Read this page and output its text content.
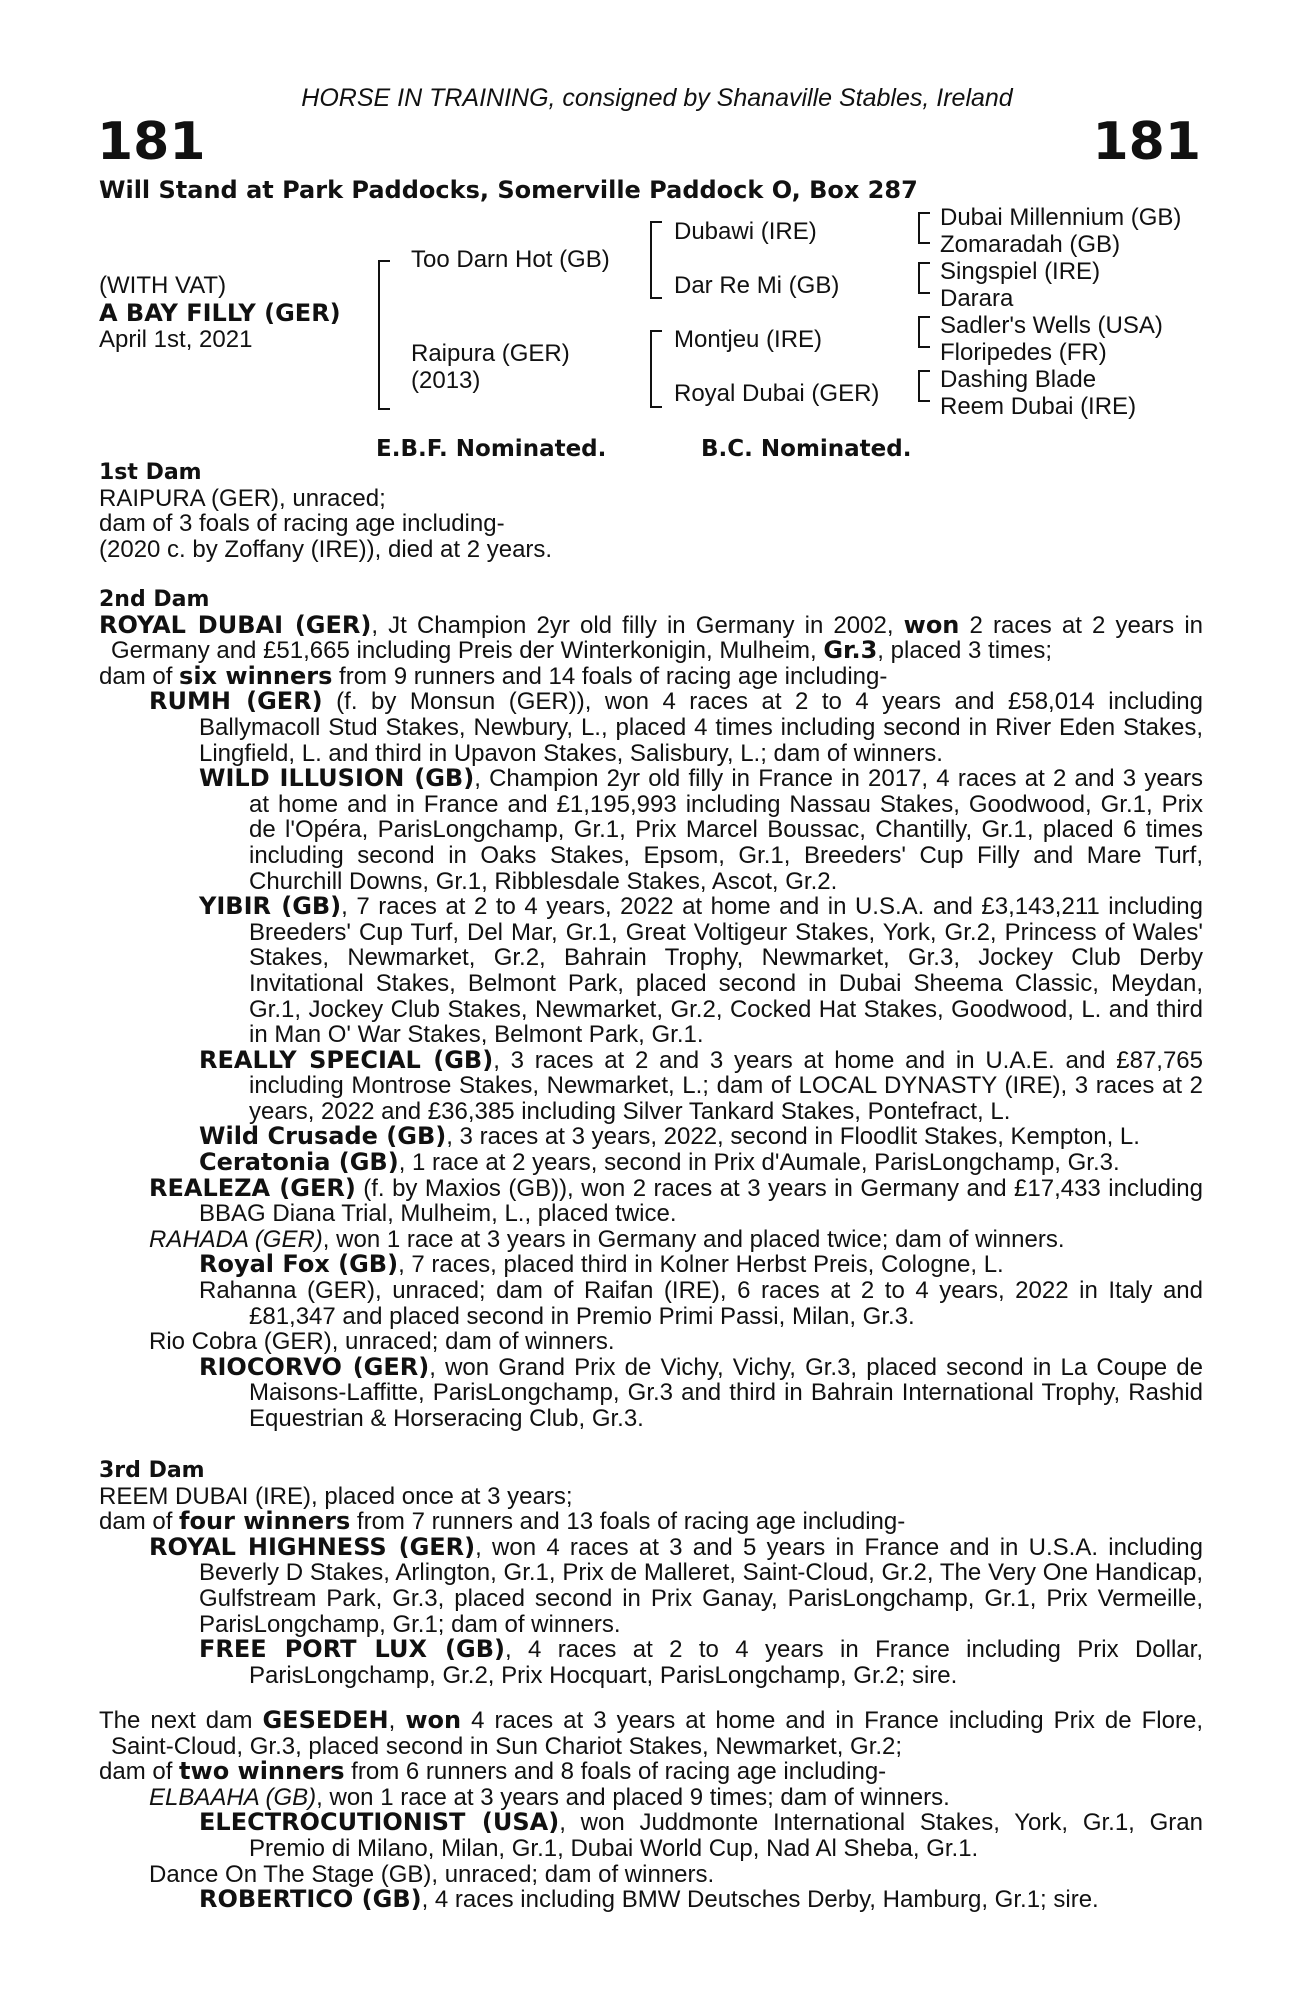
HORSE IN TRAINING, consigned by Shanaville Stables, Ireland
181	181
Will Stand at Park Paddocks, Somerville Paddock O, Box 287
(WITH VAT)
A BAY FILLY (GER)
April 1st, 2021
Too Darn Hot (GB)
Raipura (GER)
(2013)
Dubawi (IRE)
Dar Re Mi (GB)
Montjeu (IRE)
Royal Dubai (GER)
Dubai Millennium (GB)
Zomaradah (GB)
Singspiel (IRE)
Darara
Sadler's Wells (USA)
Floripedes (FR)
Dashing Blade
Reem Dubai (IRE)
E.B.F. Nominated.	B.C. Nominated.

1st Dam

RAIPURA (GER), unraced;

dam of 3 foals of racing age including-

(2020 c. by Zoffany (IRE)), died at 2 years.

2nd Dam

ROYAL DUBAI (GER), Jt Champion 2yr old filly in Germany in 2002, won 2 races at 2 years in Germany and £51,665 including Preis der Winterkonigin, Mulheim, Gr.3, placed 3 times;

dam of six winners from 9 runners and 14 foals of racing age including-

RUMH (GER) (f. by Monsun (GER)), won 4 races at 2 to 4 years and £58,014 including Ballymacoll Stud Stakes, Newbury, L., placed 4 times including second in River Eden Stakes, Lingfield, L. and third in Upavon Stakes, Salisbury, L.; dam of winners.

WILD ILLUSION (GB), Champion 2yr old filly in France in 2017, 4 races at 2 and 3 years at home and in France and £1,195,993 including Nassau Stakes, Goodwood, Gr.1, Prix de l'Opéra, ParisLongchamp, Gr.1, Prix Marcel Boussac, Chantilly, Gr.1, placed 6 times including second in Oaks Stakes, Epsom, Gr.1, Breeders' Cup Filly and Mare Turf, Churchill Downs, Gr.1, Ribblesdale Stakes, Ascot, Gr.2.

YIBIR (GB), 7 races at 2 to 4 years, 2022 at home and in U.S.A. and £3,143,211 including Breeders' Cup Turf, Del Mar, Gr.1, Great Voltigeur Stakes, York, Gr.2, Princess of Wales' Stakes, Newmarket, Gr.2, Bahrain Trophy, Newmarket, Gr.3, Jockey Club Derby Invitational Stakes, Belmont Park, placed second in Dubai Sheema Classic, Meydan, Gr.1, Jockey Club Stakes, Newmarket, Gr.2, Cocked Hat Stakes, Goodwood, L. and third in Man O' War Stakes, Belmont Park, Gr.1.

REALLY SPECIAL (GB), 3 races at 2 and 3 years at home and in U.A.E. and £87,765 including Montrose Stakes, Newmarket, L.; dam of LOCAL DYNASTY (IRE), 3 races at 2 years, 2022 and £36,385 including Silver Tankard Stakes, Pontefract, L.

Wild Crusade (GB), 3 races at 3 years, 2022, second in Floodlit Stakes, Kempton, L.

Ceratonia (GB), 1 race at 2 years, second in Prix d'Aumale, ParisLongchamp, Gr.3.

REALEZA (GER) (f. by Maxios (GB)), won 2 races at 3 years in Germany and £17,433 including BBAG Diana Trial, Mulheim, L., placed twice.

RAHADA (GER), won 1 race at 3 years in Germany and placed twice; dam of winners.

Royal Fox (GB), 7 races, placed third in Kolner Herbst Preis, Cologne, L.

Rahanna (GER), unraced; dam of Raifan (IRE), 6 races at 2 to 4 years, 2022 in Italy and £81,347 and placed second in Premio Primi Passi, Milan, Gr.3.

Rio Cobra (GER), unraced; dam of winners.

RIOCORVO (GER), won Grand Prix de Vichy, Vichy, Gr.3, placed second in La Coupe de Maisons-Laffitte, ParisLongchamp, Gr.3 and third in Bahrain International Trophy, Rashid Equestrian & Horseracing Club, Gr.3.

3rd Dam

REEM DUBAI (IRE), placed once at 3 years;

dam of four winners from 7 runners and 13 foals of racing age including-

ROYAL HIGHNESS (GER), won 4 races at 3 and 5 years in France and in U.S.A. including Beverly D Stakes, Arlington, Gr.1, Prix de Malleret, Saint-Cloud, Gr.2, The Very One Handicap, Gulfstream Park, Gr.3, placed second in Prix Ganay, ParisLongchamp, Gr.1, Prix Vermeille, ParisLongchamp, Gr.1; dam of winners.

FREE PORT LUX (GB), 4 races at 2 to 4 years in France including Prix Dollar, ParisLongchamp, Gr.2, Prix Hocquart, ParisLongchamp, Gr.2; sire.

The next dam GESEDEH, won 4 races at 3 years at home and in France including Prix de Flore, Saint-Cloud, Gr.3, placed second in Sun Chariot Stakes, Newmarket, Gr.2;

dam of two winners from 6 runners and 8 foals of racing age including-

ELBAAHA (GB), won 1 race at 3 years and placed 9 times; dam of winners.

ELECTROCUTIONIST (USA), won Juddmonte International Stakes, York, Gr.1, Gran Premio di Milano, Milan, Gr.1, Dubai World Cup, Nad Al Sheba, Gr.1.

Dance On The Stage (GB), unraced; dam of winners.

ROBERTICO (GB), 4 races including BMW Deutsches Derby, Hamburg, Gr.1; sire.
